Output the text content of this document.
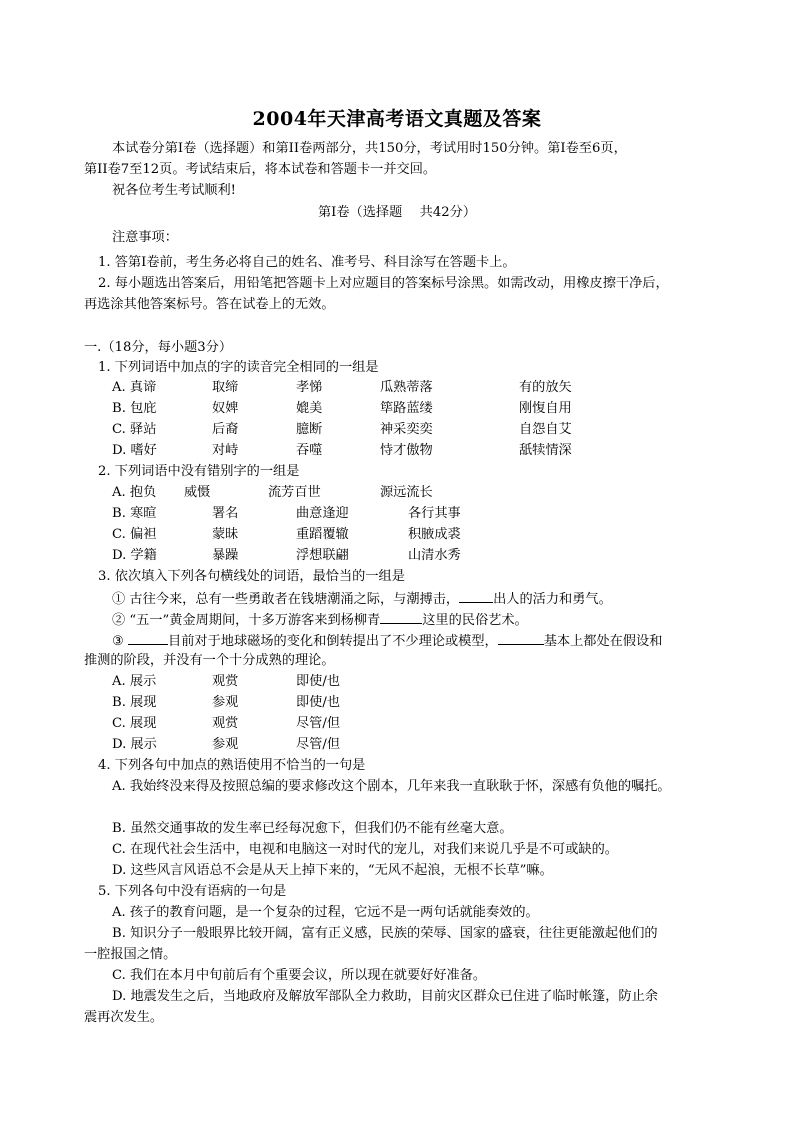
2004年天津高考语文真题及答案
本试卷分第Ⅰ卷（选择题）和第II卷两部分，共150分，考试用时150分钟。第Ⅰ卷至6页，
第II卷7至12页。考试结束后，将本试卷和答题卡一并交回。
祝各位考生考试顺利!
第Ⅰ卷（选择题　 共42分）
注意事项：
1. 答第Ⅰ卷前，考生务必将自己的姓名、准考号、科目涂写在答题卡上。
2. 每小题选出答案后，用铅笔把答题卡上对应题目的答案标号涂黑。如需改动，用橡皮擦干净后，
再选涂其他答案标号。答在试卷上的无效。
一.（18分，每小题3分）
1. 下列词语中加点的字的读音完全相同的一组是
A. 真谛	取缔	孝悌	瓜熟蒂落	有的放矢
B. 包庇	奴婢	媲美	筚路蓝缕	刚愎自用
C. 驿站	后裔	臆断	神采奕奕	自怨自艾
D. 嗜好	对峙	吞噬	恃才傲物	舐犊情深
2. 下列词语中没有错别字的一组是
A. 抱负 威慑	流芳百世	源远流长
B. 寒暄	署名	曲意逢迎	各行其事
C. 偏袒	蒙昧	重蹈覆辙	积腋成裘
D. 学籍	暴躁	浮想联翩	山清水秀
3. 依次填入下列各句横线处的词语，最恰当的一组是
① 古往今来，总有一些勇敢者在钱塘潮涌之际，与潮搏击，	出人的活力和勇气。
② “五一”黄金周期间，十多万游客来到杨柳青	这里的民俗艺术。
③	目前对于地球磁场的变化和倒转提出了不少理论或模型，	基本上都处在假设和
推测的阶段，并没有一个十分成熟的理论。
A. 展示	观赏	即使/也
B. 展现	参观	即使/也
C. 展现	观赏	尽管/但
D. 展示	参观	尽管/但
4. 下列各句中加点的熟语使用不恰当的一句是
A. 我始终没来得及按照总编的要求修改这个剧本，几年来我一直耿耿于怀，深感有负他的嘱托。
B. 虽然交通事故的发生率已经每况愈下，但我们仍不能有丝毫大意。
C. 在现代社会生活中，电视和电脑这一对时代的宠儿，对我们来说几乎是不可或缺的。
D. 这些风言风语总不会是从天上掉下来的，“无风不起浪，无根不长草”嘛。
5. 下列各句中没有语病的一句是
A. 孩子的教育问题，是一个复杂的过程，它远不是一两句话就能奏效的。
B. 知识分子一般眼界比较开阔，富有正义感，民族的荣辱、国家的盛衰，往往更能激起他们的
一腔报国之情。
C. 我们在本月中旬前后有个重要会议，所以现在就要好好准备。
D. 地震发生之后，当地政府及解放军部队全力救助，目前灾区群众已住进了临时帐篷，防止余
震再次发生。
